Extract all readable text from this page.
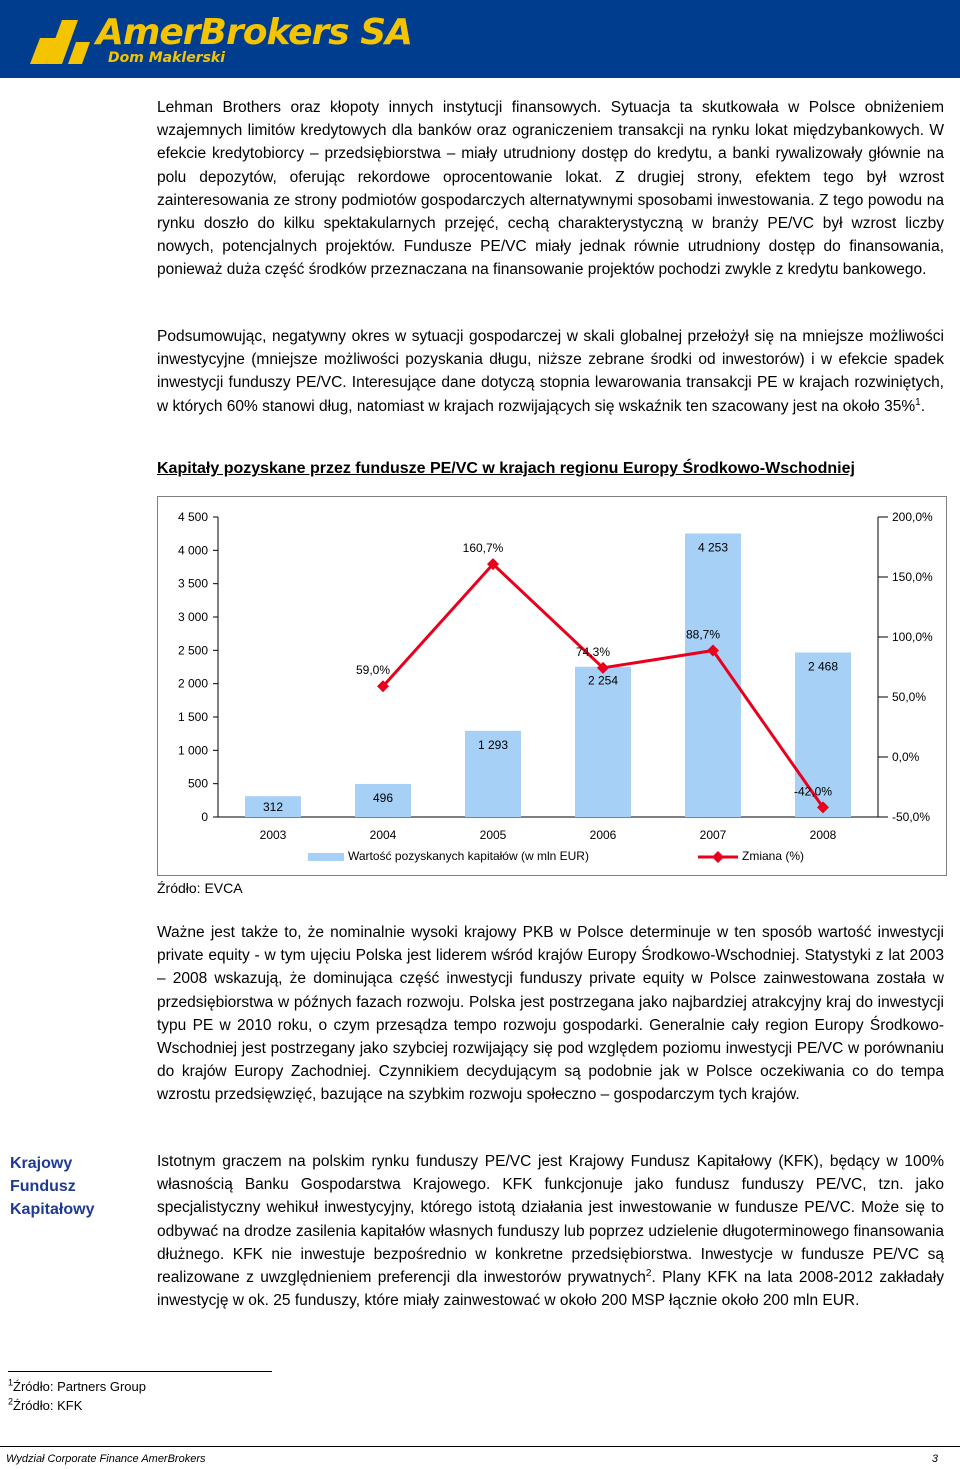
AmerBrokers SA
Dom Maklerski
Lehman Brothers oraz kłopoty innych instytucji finansowych. Sytuacja ta skutkowała w Polsce obniżeniem wzajemnych limitów kredytowych dla banków oraz ograniczeniem transakcji na rynku lokat międzybankowych. W efekcie kredytobiorcy – przedsiębiorstwa – miały utrudniony dostęp do kredytu, a banki rywalizowały głównie na polu depozytów, oferując rekordowe oprocentowanie lokat. Z drugiej strony, efektem tego był wzrost zainteresowania ze strony podmiotów gospodarczych alternatywnymi sposobami inwestowania. Z tego powodu na rynku doszło do kilku spektakularnych przejęć, cechą charakterystyczną w branży PE/VC był wzrost liczby nowych, potencjalnych projektów. Fundusze PE/VC miały jednak równie utrudniony dostęp do finansowania, ponieważ duża część środków przeznaczana na finansowanie projektów pochodzi zwykle z kredytu bankowego.
Podsumowując, negatywny okres w sytuacji gospodarczej w skali globalnej przełożył się na mniejsze możliwości inwestycyjne (mniejsze możliwości pozyskania długu, niższe zebrane środki od inwestorów) i w efekcie spadek inwestycji funduszy PE/VC. Interesujące dane dotyczą stopnia lewarowania transakcji PE w krajach rozwiniętych, w których 60% stanowi dług, natomiast w krajach rozwijających się wskaźnik ten szacowany jest na około 35%$^1$.
Kapitały pozyskane przez fundusze PE/VC w krajach regionu Europy Środkowo-Wschodniej
0
500
1 000
1 500
2 000
2 500
3 000
3 500
4 000
4 500
-50,0%
0,0%
50,0%
100,0%
150,0%
200,0%
2003	2004	2005	2006	2007	2008
312
496
1 293
2 254
4 253
2 468
59,0%
160,7%
74,3%
88,7%
-42,0%
Wartość pozyskanych kapitałów (w mln EUR)	Zmiana (%)
Źródło: EVCA
Ważne jest także to, że nominalnie wysoki krajowy PKB w Polsce determinuje w ten sposób wartość inwestycji private equity - w tym ujęciu Polska jest liderem wśród krajów Europy Środkowo-Wschodniej. Statystyki z lat 2003 – 2008 wskazują, że dominująca część inwestycji funduszy private equity w Polsce zainwestowana została w przedsiębiorstwa w późnych fazach rozwoju. Polska jest postrzegana jako najbardziej atrakcyjny kraj do inwestycji typu PE w 2010 roku, o czym przesądza tempo rozwoju gospodarki. Generalnie cały region Europy Środkowo-Wschodniej jest postrzegany jako szybciej rozwijający się pod względem poziomu inwestycji PE/VC w porównaniu do krajów Europy Zachodniej. Czynnikiem decydującym są podobnie jak w Polsce oczekiwania co do tempa wzrostu przedsięwzięć, bazujące na szybkim rozwoju społeczno – gospodarczym tych krajów.
Krajowy Fundusz Kapitałowy
Istotnym graczem na polskim rynku funduszy PE/VC jest Krajowy Fundusz Kapitałowy (KFK), będący w 100% własnością Banku Gospodarstwa Krajowego. KFK funkcjonuje jako fundusz funduszy PE/VC, tzn. jako specjalistyczny wehikuł inwestycyjny, którego istotą działania jest inwestowanie w fundusze PE/VC. Może się to odbywać na drodze zasilenia kapitałów własnych funduszy lub poprzez udzielenie długoterminowego finansowania dłużnego. KFK nie inwestuje bezpośrednio w konkretne przedsiębiorstwa. Inwestycje w fundusze PE/VC są realizowane z uwzględnieniem preferencji dla inwestorów prywatnych$^2$. Plany KFK na lata 2008-2012 zakładały inwestycję w ok. 25 funduszy, które miały zainwestować w około 200 MSP łącznie około 200 mln EUR.
$^1$Źródło: Partners Group
$^2$Źródło: KFK
Wydział Corporate Finance AmerBrokers	3
